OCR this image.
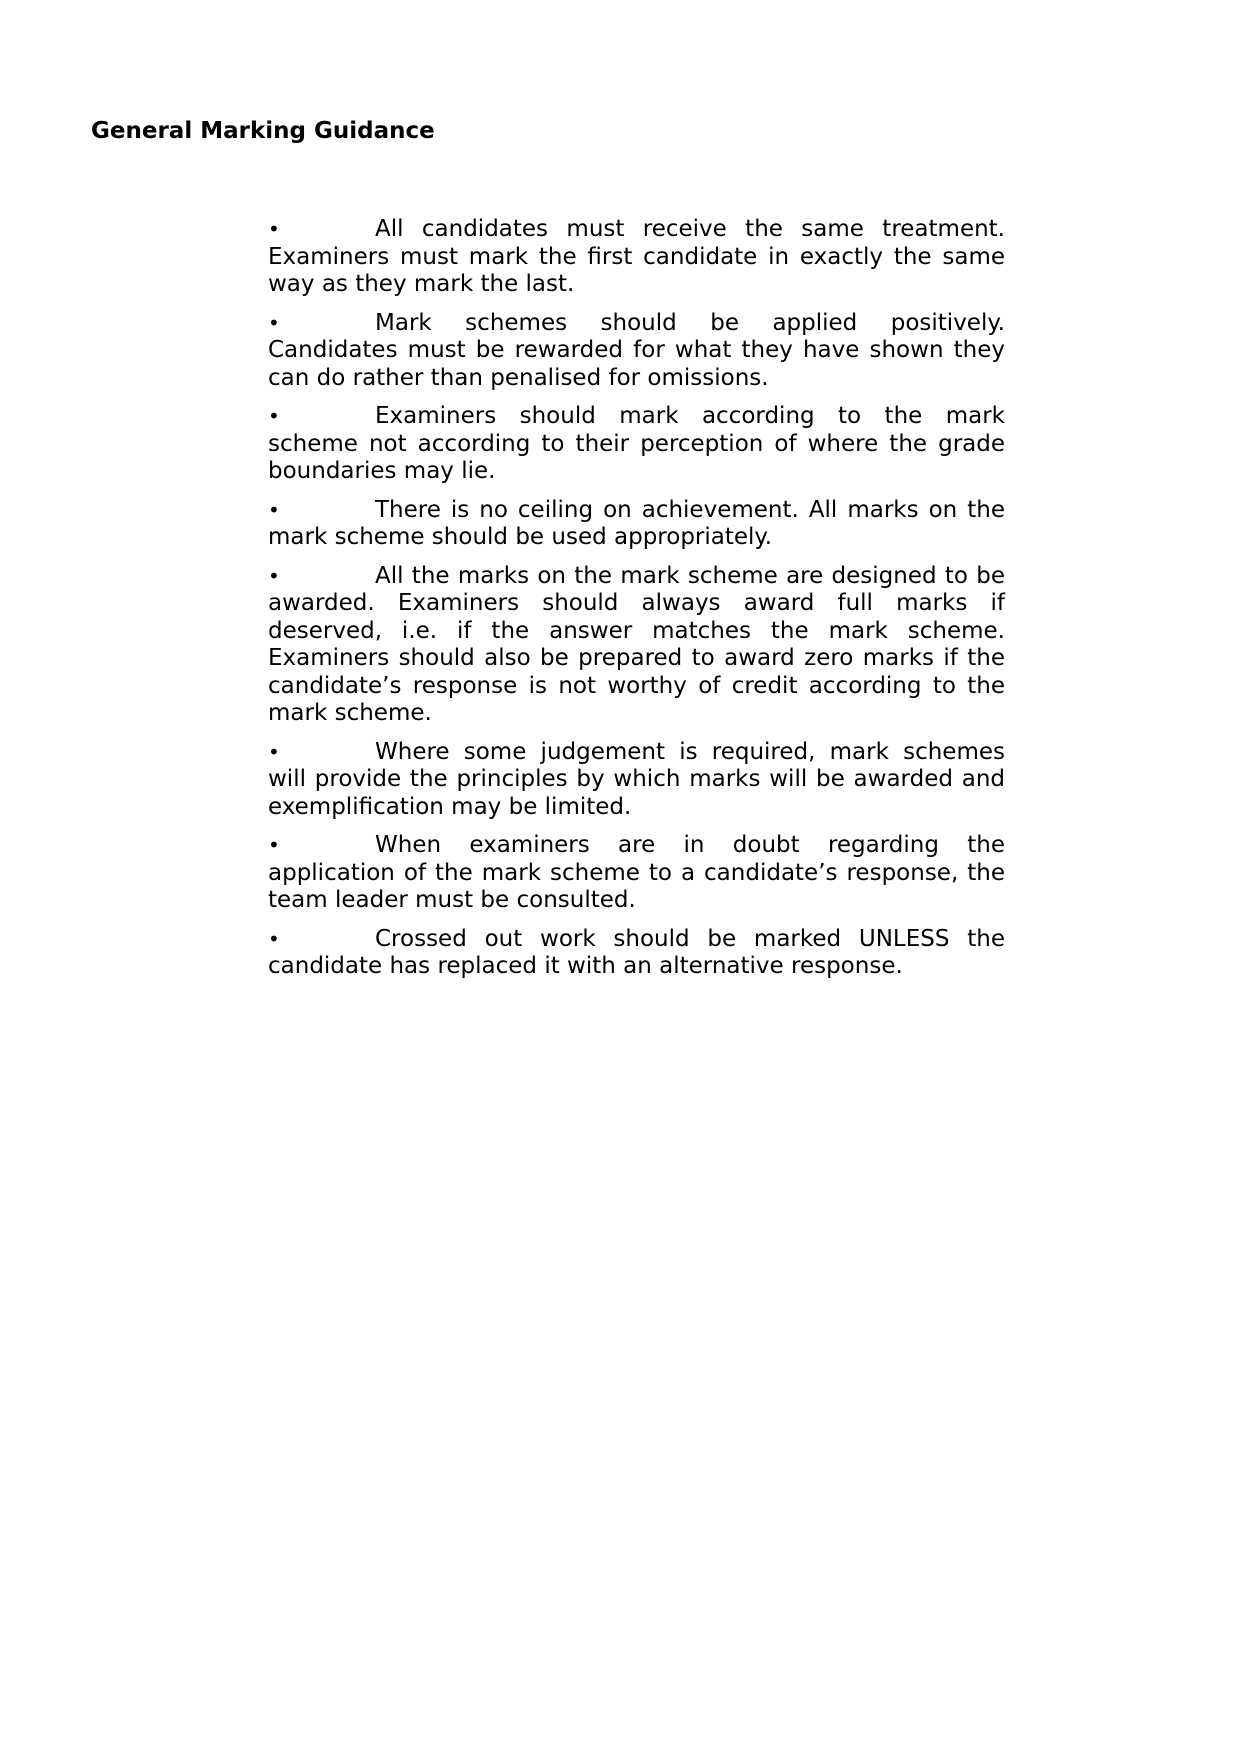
General Marking Guidance
•	All candidates must receive the same treatment. Examiners must mark the first candidate in exactly the same way as they mark the last.
•	Mark schemes should be applied positively. Candidates must be rewarded for what they have shown they can do rather than penalised for omissions.
•	Examiners should mark according to the mark scheme not according to their perception of where the grade boundaries may lie.
•	There is no ceiling on achievement. All marks on the mark scheme should be used appropriately.
•	All the marks on the mark scheme are designed to be awarded. Examiners should always award full marks if deserved, i.e. if the answer matches the mark scheme. Examiners should also be prepared to award zero marks if the candidate’s response is not worthy of credit according to the mark scheme.
•	Where some judgement is required, mark schemes will provide the principles by which marks will be awarded and exemplification may be limited.
•	When examiners are in doubt regarding the application of the mark scheme to a candidate’s response, the team leader must be consulted.
•	Crossed out work should be marked UNLESS the candidate has replaced it with an alternative response.
